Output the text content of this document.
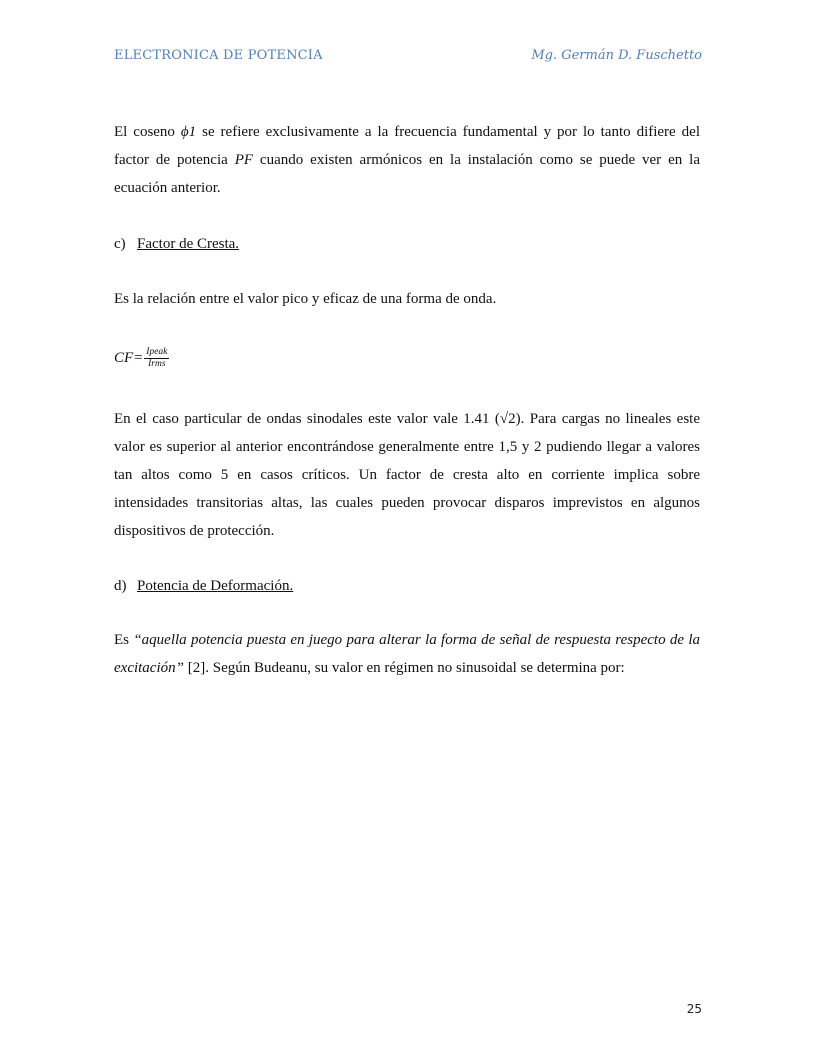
ELECTRONICA DE POTENCIA	Mg. Germán D. Fuschetto
El coseno ϕ1 se refiere exclusivamente a la frecuencia fundamental y por lo tanto difiere del factor de potencia PF cuando existen armónicos en la instalación como se puede ver en la ecuación anterior.
c) Factor de Cresta.
Es la relación entre el valor pico y eficaz de una forma de onda.
$CF= \frac{\text{Ipeak}}{\text{Irms}}$
En el caso particular de ondas sinodales este valor vale 1.41 (√2). Para cargas no lineales este valor es superior al anterior encontrándose generalmente entre 1,5 y 2 pudiendo llegar a valores tan altos como 5 en casos críticos. Un factor de cresta alto en corriente implica sobre intensidades transitorias altas, las cuales pueden provocar disparos imprevistos en algunos dispositivos de protección.
d) Potencia de Deformación.
Es “aquella potencia puesta en juego para alterar la forma de señal de respuesta respecto de la excitación” [2]. Según Budeanu, su valor en régimen no sinusoidal se determina por:
25
